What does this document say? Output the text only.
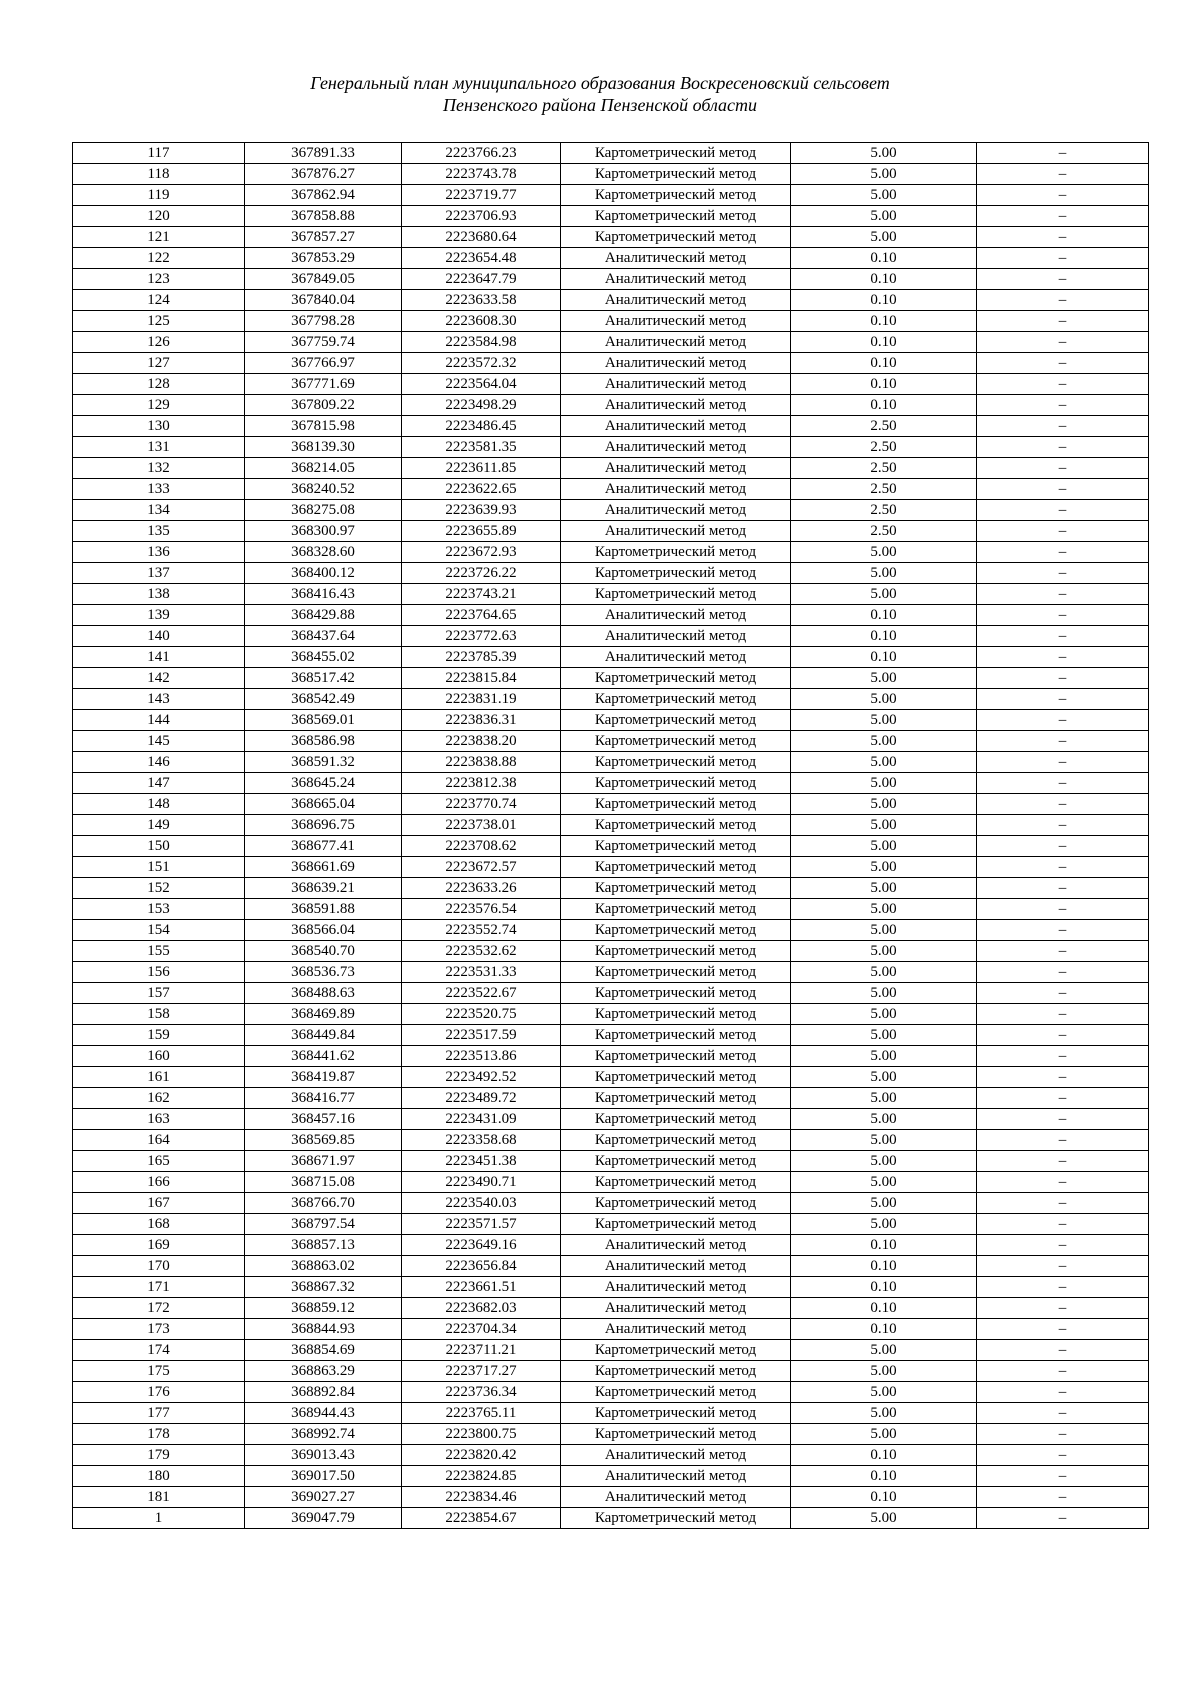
Генеральный план муниципального образования Воскресеновский сельсовет
Пензенского района Пензенской области
117	367891.33	2223766.23	Картометрический метод	5.00	–
118	367876.27	2223743.78	Картометрический метод	5.00	–
119	367862.94	2223719.77	Картометрический метод	5.00	–
120	367858.88	2223706.93	Картометрический метод	5.00	–
121	367857.27	2223680.64	Картометрический метод	5.00	–
122	367853.29	2223654.48	Аналитический метод	0.10	–
123	367849.05	2223647.79	Аналитический метод	0.10	–
124	367840.04	2223633.58	Аналитический метод	0.10	–
125	367798.28	2223608.30	Аналитический метод	0.10	–
126	367759.74	2223584.98	Аналитический метод	0.10	–
127	367766.97	2223572.32	Аналитический метод	0.10	–
128	367771.69	2223564.04	Аналитический метод	0.10	–
129	367809.22	2223498.29	Аналитический метод	0.10	–
130	367815.98	2223486.45	Аналитический метод	2.50	–
131	368139.30	2223581.35	Аналитический метод	2.50	–
132	368214.05	2223611.85	Аналитический метод	2.50	–
133	368240.52	2223622.65	Аналитический метод	2.50	–
134	368275.08	2223639.93	Аналитический метод	2.50	–
135	368300.97	2223655.89	Аналитический метод	2.50	–
136	368328.60	2223672.93	Картометрический метод	5.00	–
137	368400.12	2223726.22	Картометрический метод	5.00	–
138	368416.43	2223743.21	Картометрический метод	5.00	–
139	368429.88	2223764.65	Аналитический метод	0.10	–
140	368437.64	2223772.63	Аналитический метод	0.10	–
141	368455.02	2223785.39	Аналитический метод	0.10	–
142	368517.42	2223815.84	Картометрический метод	5.00	–
143	368542.49	2223831.19	Картометрический метод	5.00	–
144	368569.01	2223836.31	Картометрический метод	5.00	–
145	368586.98	2223838.20	Картометрический метод	5.00	–
146	368591.32	2223838.88	Картометрический метод	5.00	–
147	368645.24	2223812.38	Картометрический метод	5.00	–
148	368665.04	2223770.74	Картометрический метод	5.00	–
149	368696.75	2223738.01	Картометрический метод	5.00	–
150	368677.41	2223708.62	Картометрический метод	5.00	–
151	368661.69	2223672.57	Картометрический метод	5.00	–
152	368639.21	2223633.26	Картометрический метод	5.00	–
153	368591.88	2223576.54	Картометрический метод	5.00	–
154	368566.04	2223552.74	Картометрический метод	5.00	–
155	368540.70	2223532.62	Картометрический метод	5.00	–
156	368536.73	2223531.33	Картометрический метод	5.00	–
157	368488.63	2223522.67	Картометрический метод	5.00	–
158	368469.89	2223520.75	Картометрический метод	5.00	–
159	368449.84	2223517.59	Картометрический метод	5.00	–
160	368441.62	2223513.86	Картометрический метод	5.00	–
161	368419.87	2223492.52	Картометрический метод	5.00	–
162	368416.77	2223489.72	Картометрический метод	5.00	–
163	368457.16	2223431.09	Картометрический метод	5.00	–
164	368569.85	2223358.68	Картометрический метод	5.00	–
165	368671.97	2223451.38	Картометрический метод	5.00	–
166	368715.08	2223490.71	Картометрический метод	5.00	–
167	368766.70	2223540.03	Картометрический метод	5.00	–
168	368797.54	2223571.57	Картометрический метод	5.00	–
169	368857.13	2223649.16	Аналитический метод	0.10	–
170	368863.02	2223656.84	Аналитический метод	0.10	–
171	368867.32	2223661.51	Аналитический метод	0.10	–
172	368859.12	2223682.03	Аналитический метод	0.10	–
173	368844.93	2223704.34	Аналитический метод	0.10	–
174	368854.69	2223711.21	Картометрический метод	5.00	–
175	368863.29	2223717.27	Картометрический метод	5.00	–
176	368892.84	2223736.34	Картометрический метод	5.00	–
177	368944.43	2223765.11	Картометрический метод	5.00	–
178	368992.74	2223800.75	Картометрический метод	5.00	–
179	369013.43	2223820.42	Аналитический метод	0.10	–
180	369017.50	2223824.85	Аналитический метод	0.10	–
181	369027.27	2223834.46	Аналитический метод	0.10	–
1	369047.79	2223854.67	Картометрический метод	5.00	–
